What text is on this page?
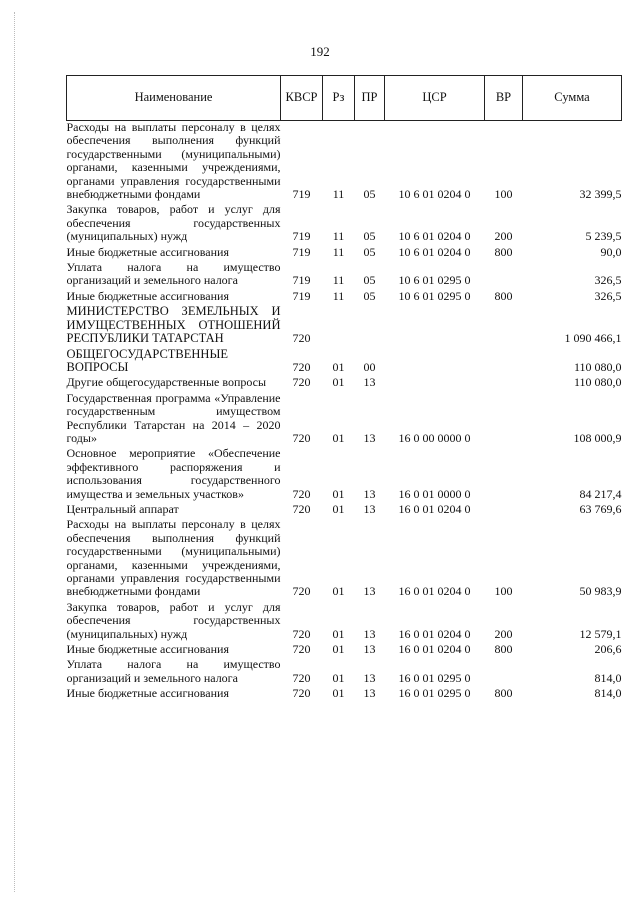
192
Наименование	КВСР	Рз	ПР	ЦСР	ВР	Сумма
Расходы на выплаты персоналу в целях обеспечения выполнения функций государственными (муниципальными) органами, казенными учреждениями, органами управления государственными внебюджетными фондами	719	11	05	10 6 01 0204 0	100	32 399,5
Закупка товаров, работ и услуг для обеспечения государственных (муниципальных) нужд	719	11	05	10 6 01 0204 0	200	5 239,5
Иные бюджетные ассигнования	719	11	05	10 6 01 0204 0	800	90,0
Уплата налога на имущество организаций и земельного налога	719	11	05	10 6 01 0295 0		326,5
Иные бюджетные ассигнования	719	11	05	10 6 01 0295 0	800	326,5
МИНИСТЕРСТВО ЗЕМЕЛЬНЫХ И ИМУЩЕСТВЕННЫХ ОТНОШЕНИЙ РЕСПУБЛИКИ ТАТАРСТАН	720					1 090 466,1
ОБЩЕГОСУДАРСТВЕННЫЕ ВОПРОСЫ	720	01	00			110 080,0
Другие общегосударственные вопросы	720	01	13			110 080,0
Государственная программа «Управление государственным имуществом Республики Татарстан на 2014 – 2020 годы»	720	01	13	16 0 00 0000 0		108 000,9
Основное мероприятие «Обеспечение эффективного распоряжения и использования государственного имущества и земельных участков»	720	01	13	16 0 01 0000 0		84 217,4
Центральный аппарат	720	01	13	16 0 01 0204 0		63 769,6
Расходы на выплаты персоналу в целях обеспечения выполнения функций государственными (муниципальными) органами, казенными учреждениями, органами управления государственными внебюджетными фондами	720	01	13	16 0 01 0204 0	100	50 983,9
Закупка товаров, работ и услуг для обеспечения государственных (муниципальных) нужд	720	01	13	16 0 01 0204 0	200	12 579,1
Иные бюджетные ассигнования	720	01	13	16 0 01 0204 0	800	206,6
Уплата налога на имущество организаций и земельного налога	720	01	13	16 0 01 0295 0		814,0
Иные бюджетные ассигнования	720	01	13	16 0 01 0295 0	800	814,0
